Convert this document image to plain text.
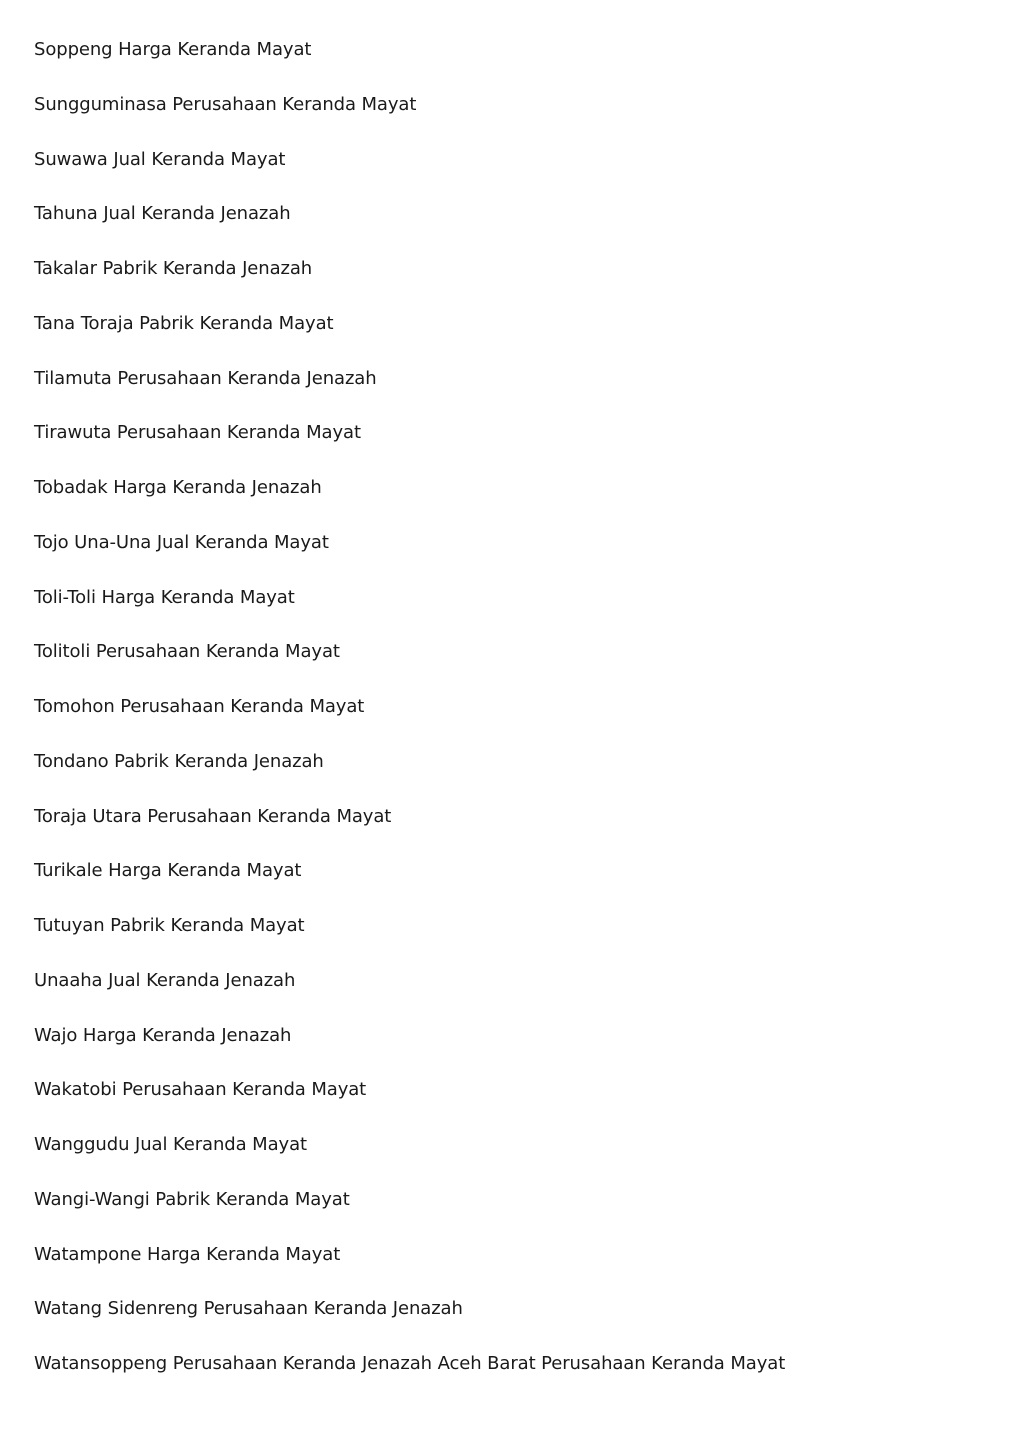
Soppeng Harga Keranda Mayat
Sungguminasa Perusahaan Keranda Mayat
Suwawa Jual Keranda Mayat
Tahuna Jual Keranda Jenazah
Takalar Pabrik Keranda Jenazah
Tana Toraja Pabrik Keranda Mayat
Tilamuta Perusahaan Keranda Jenazah
Tirawuta Perusahaan Keranda Mayat
Tobadak Harga Keranda Jenazah
Tojo Una-Una Jual Keranda Mayat
Toli-Toli Harga Keranda Mayat
Tolitoli Perusahaan Keranda Mayat
Tomohon Perusahaan Keranda Mayat
Tondano Pabrik Keranda Jenazah
Toraja Utara Perusahaan Keranda Mayat
Turikale Harga Keranda Mayat
Tutuyan Pabrik Keranda Mayat
Unaaha Jual Keranda Jenazah
Wajo Harga Keranda Jenazah
Wakatobi Perusahaan Keranda Mayat
Wanggudu Jual Keranda Mayat
Wangi-Wangi Pabrik Keranda Mayat
Watampone Harga Keranda Mayat
Watang Sidenreng Perusahaan Keranda Jenazah
Watansoppeng Perusahaan Keranda Jenazah Aceh Barat Perusahaan Keranda Mayat
